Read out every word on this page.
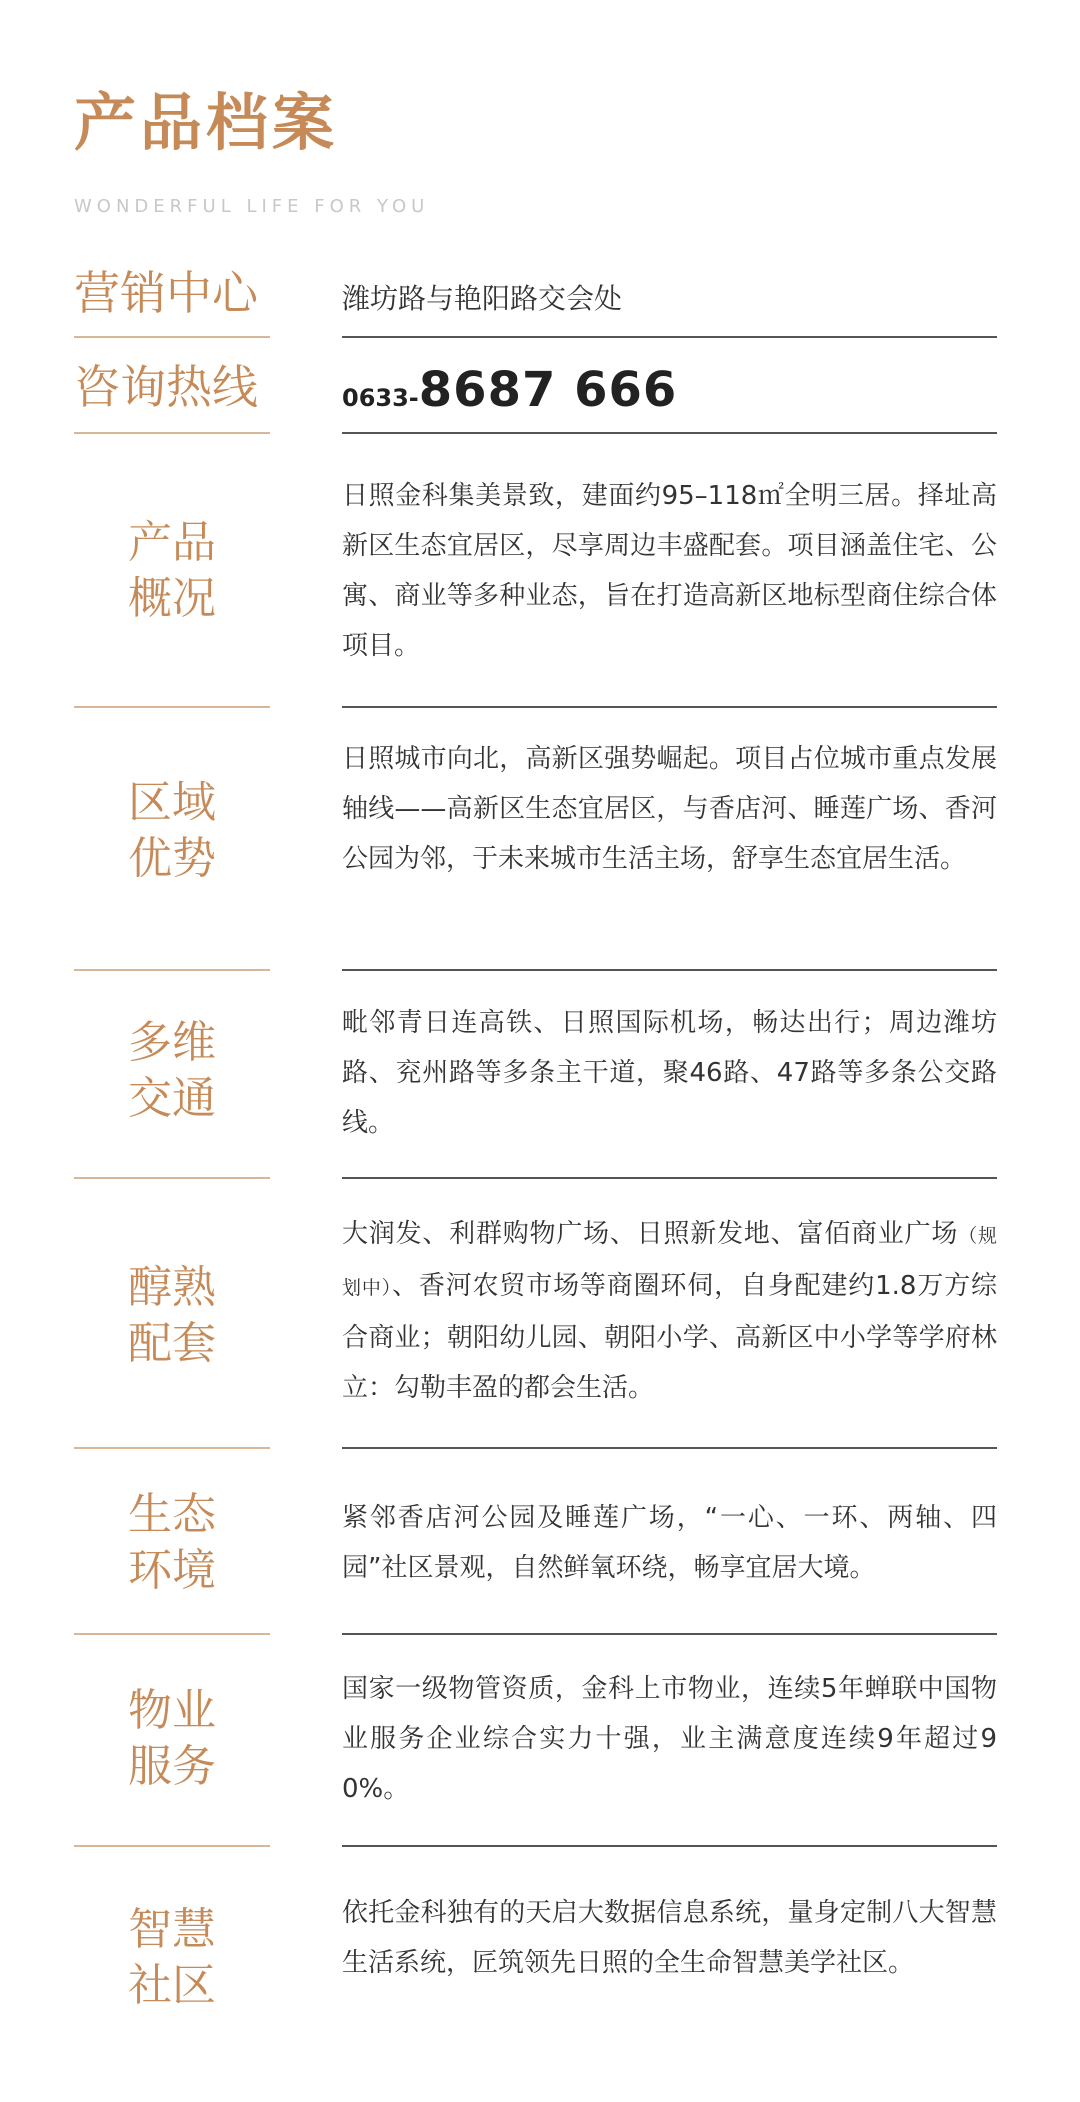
产品档案
WONDERFUL LIFE FOR YOU
营销中心	潍坊路与艳阳路交会处
咨询热线	0633-8687 666
产品
概况
日照金科集美景致，建面约95–118㎡全明三居。择址高新区生态宜居区，尽享周边丰盛配套。项目涵盖住宅、公寓、商业等多种业态，旨在打造高新区地标型商住综合体项目。
区域
优势
日照城市向北，高新区强势崛起。项目占位城市重点发展轴线——高新区生态宜居区，与香店河、睡莲广场、香河公园为邻，于未来城市生活主场，舒享生态宜居生活。
多维
交通
毗邻青日连高铁、日照国际机场，畅达出行；周边潍坊路、兖州路等多条主干道，聚46路、47路等多条公交路线。
醇熟
配套
大润发、利群购物广场、日照新发地、富佰商业广场（规划中）、香河农贸市场等商圈环伺，自身配建约1.8万方综合商业；朝阳幼儿园、朝阳小学、高新区中小学等学府林立：勾勒丰盈的都会生活。
生态
环境
紧邻香店河公园及睡莲广场，“一心、一环、两轴、四园”社区景观，自然鲜氧环绕，畅享宜居大境。
物业
服务
国家一级物管资质，金科上市物业，连续5年蝉联中国物业服务企业综合实力十强，业主满意度连续9年超过90%。
智慧
社区
依托金科独有的天启大数据信息系统，量身定制八大智慧生活系统，匠筑领先日照的全生命智慧美学社区。
